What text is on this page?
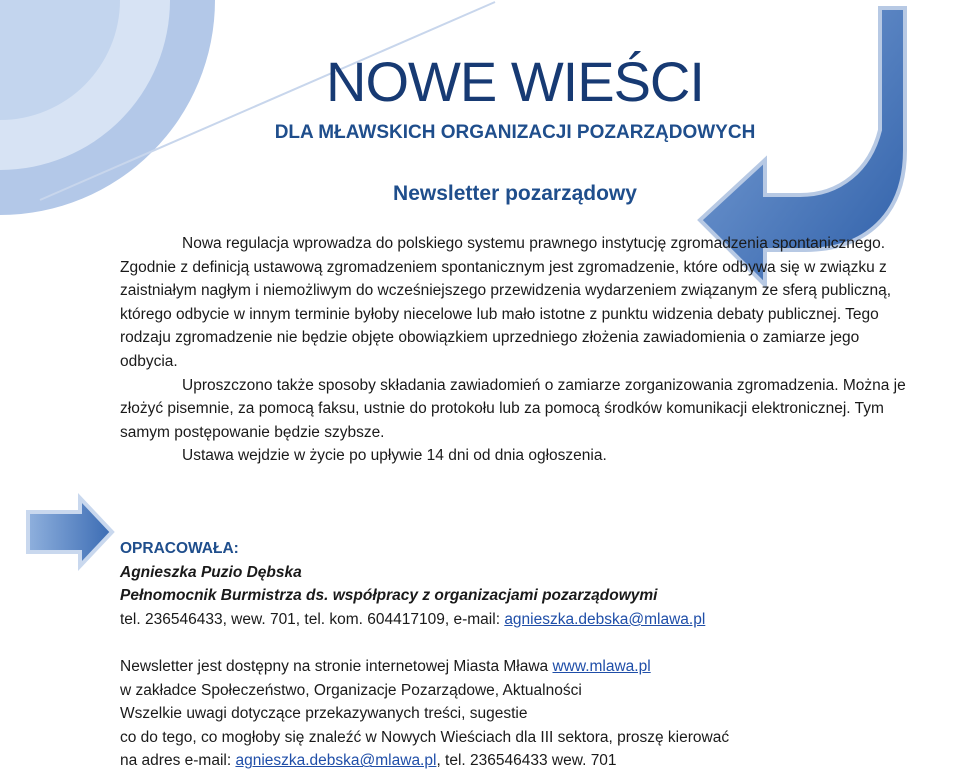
NOWE WIEŚCI
DLA MŁAWSKICH ORGANIZACJI POZARZĄDOWYCH
Newsletter pozarządowy

Nowa regulacja wprowadza do polskiego systemu prawnego instytucję zgromadzenia spontanicznego. Zgodnie z definicją ustawową zgromadzeniem spontanicznym jest zgromadzenie, które odbywa się w związku z zaistniałym nagłym i niemożliwym do wcześniejszego przewidzenia wydarzeniem związanym ze sferą publiczną, którego odbycie w innym terminie byłoby niecelowe lub mało istotne z punktu widzenia debaty publicznej. Tego rodzaju zgromadzenie nie będzie objęte obowiązkiem uprzedniego złożenia zawiadomienia o zamiarze jego odbycia.

Uproszczono także sposoby składania zawiadomień o zamiarze zorganizowania zgromadzenia. Można je złożyć pisemnie, za pomocą faksu, ustnie do protokołu lub za pomocą środków komunikacji elektronicznej. Tym samym postępowanie będzie szybsze.

Ustawa wejdzie w życie po upływie 14 dni od dnia ogłoszenia.

OPRACOWAŁA:
Agnieszka Puzio Dębska
Pełnomocnik Burmistrza ds. współpracy z organizacjami pozarządowymi
tel. 236546433, wew. 701, tel. kom. 604417109, e-mail: agnieszka.debska@mlawa.pl
Newsletter jest dostępny na stronie internetowej Miasta Mława www.mlawa.pl
w zakładce Społeczeństwo, Organizacje Pozarządowe, Aktualności
Wszelkie uwagi dotyczące przekazywanych treści, sugestie
co do tego, co mogłoby się znaleźć w Nowych Wieściach dla III sektora, proszę kierować
na adres e-mail: agnieszka.debska@mlawa.pl, tel. 236546433 wew. 701
